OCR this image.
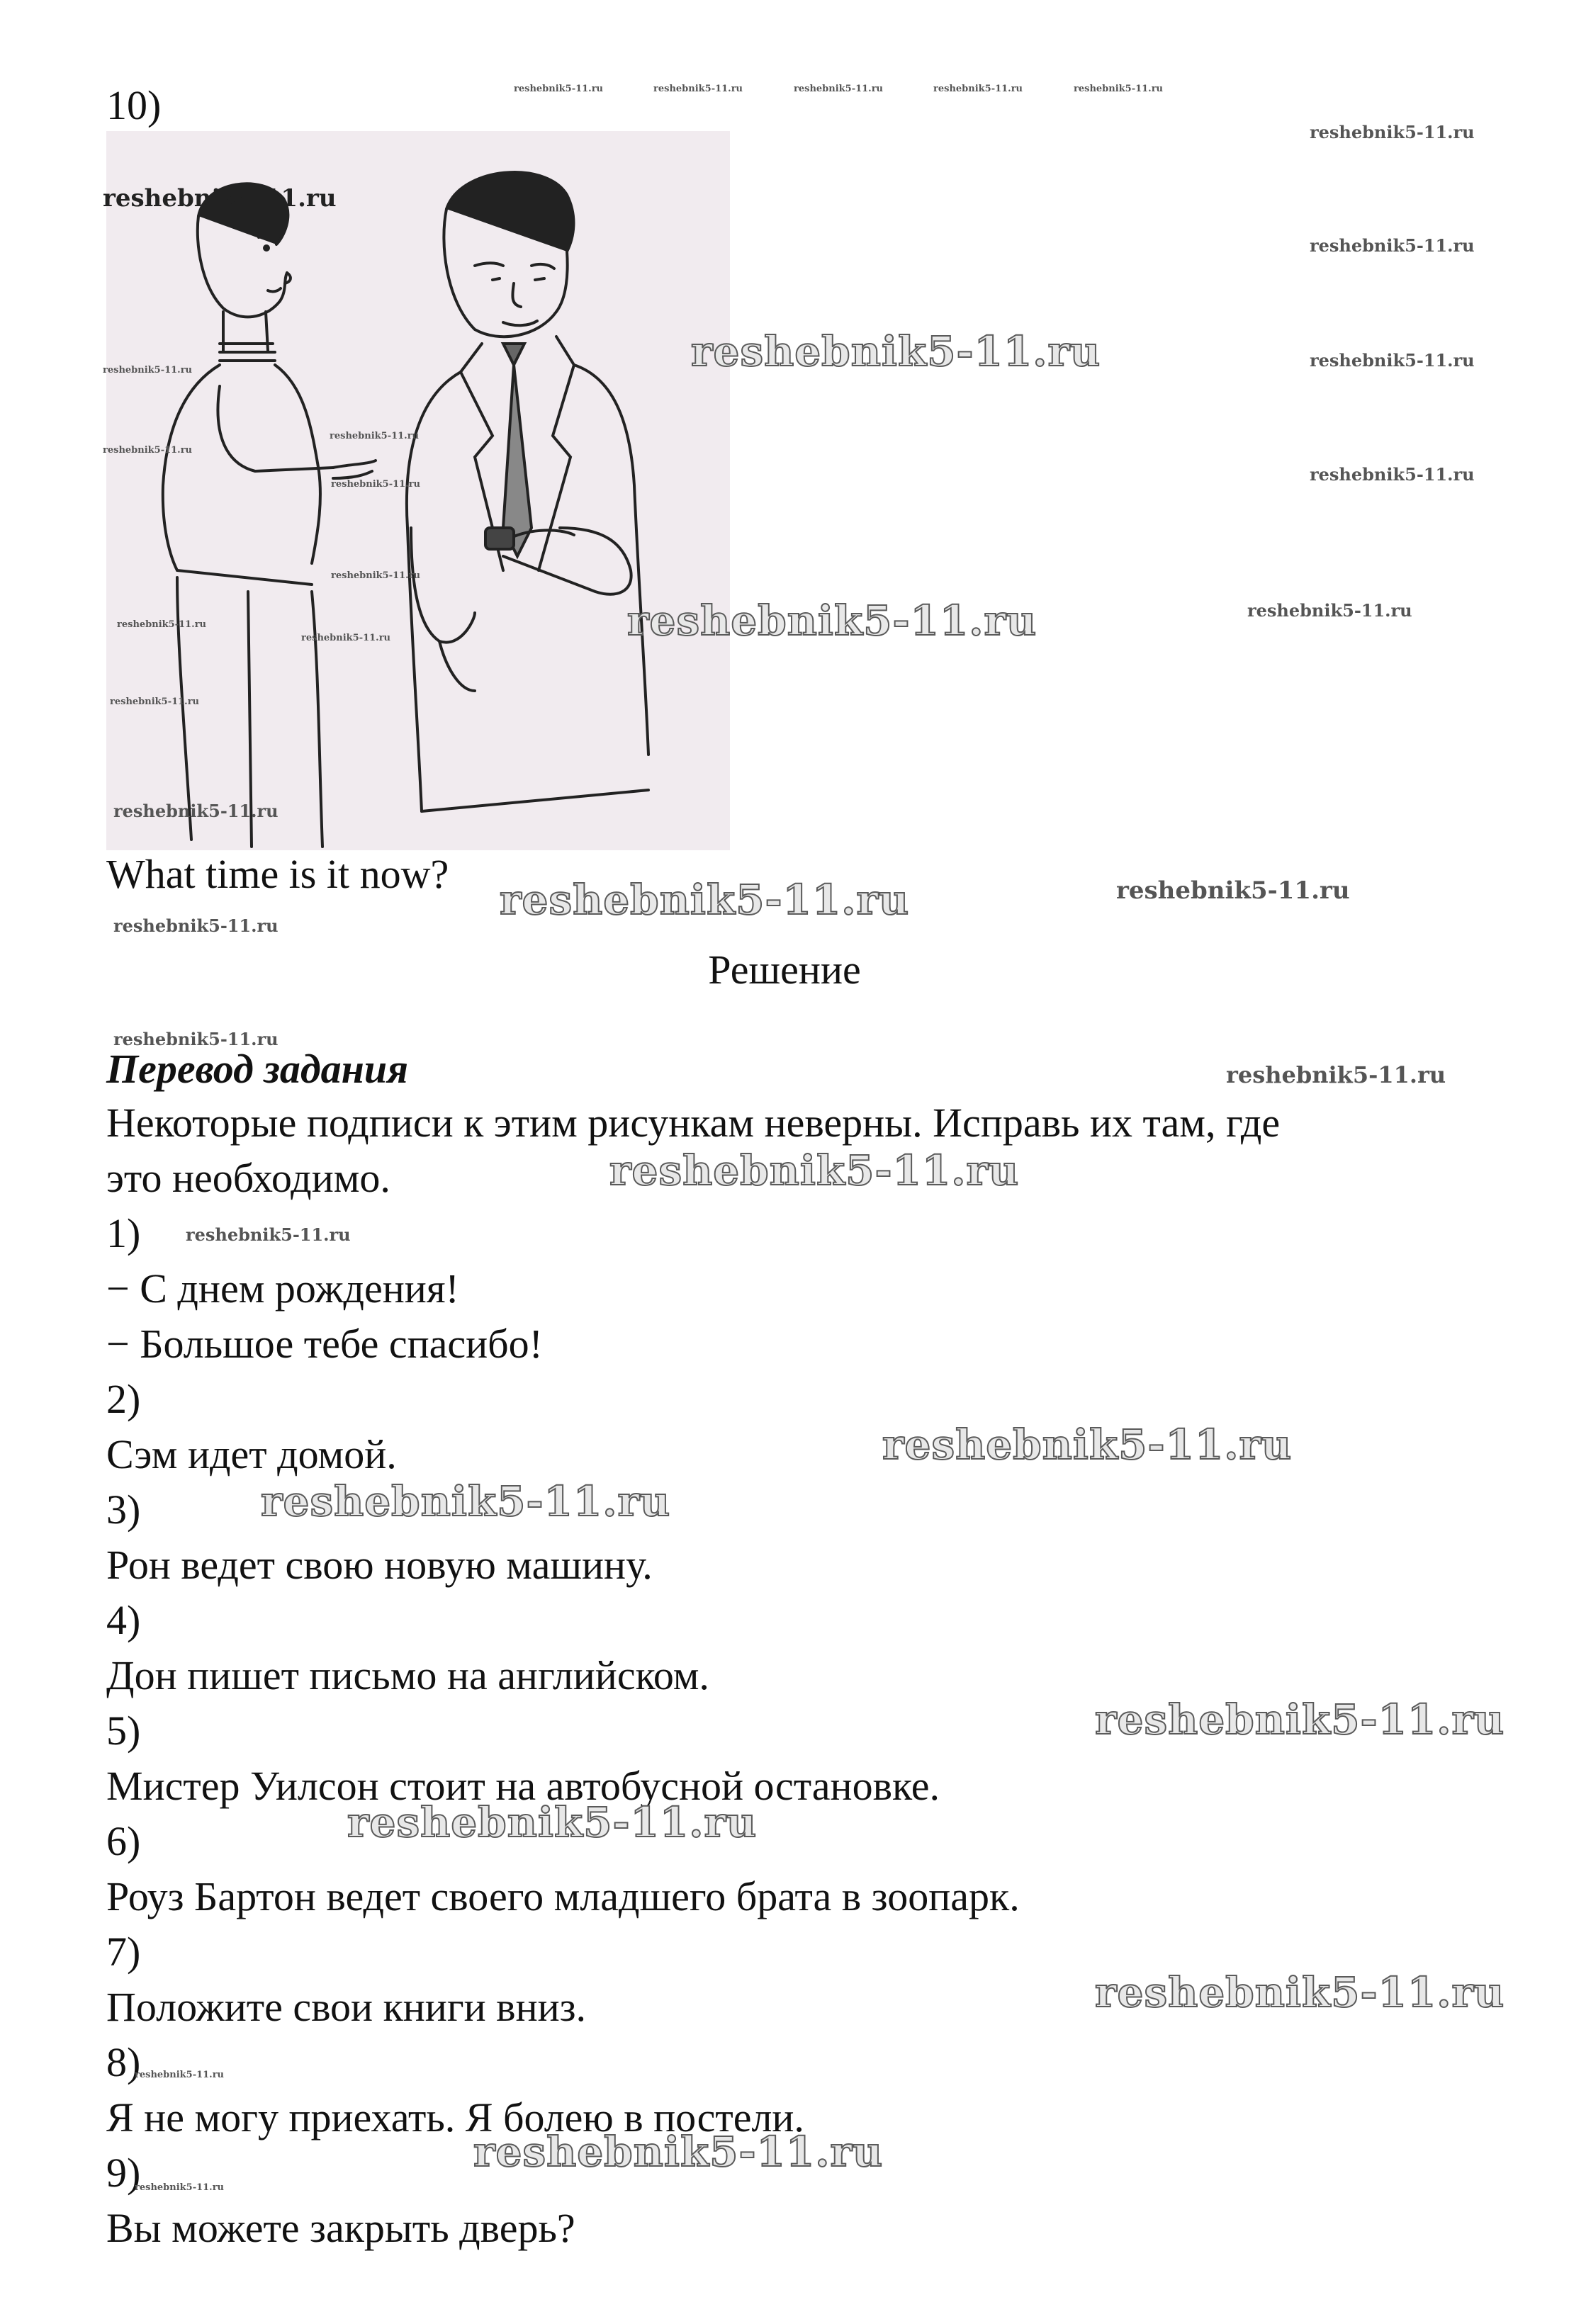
10)
What time is it now?
Решение
Перевод задания
Некоторые подписи к этим рисункам неверны. Исправь их там, где
это необходимо.
1)
− С днем рождения!
− Большое тебе спасибо!
2)
Сэм идет домой.
3)
Рон ведет свою новую машину.
4)
Дон пишет письмо на английском.
5)
Мистер Уилсон стоит на автобусной остановке.
6)
Роуз Бартон ведет своего младшего брата в зоопарк.
7)
Положите свои книги вниз.
8)
Я не могу приехать. Я болею в постели.
9)
Вы можете закрыть дверь?
reshebnik5-11.ru	reshebnik5-11.ru	reshebnik5-11.ru	reshebnik5-11.ru	reshebnik5-11.ru
reshebnik5-11.ru
reshebnik5-11.ru
reshebnik5-11.ru
reshebnik5-11.ru
reshebnik5-11.ru
reshebnik5-11.ru
reshebnik5-11.ru
reshebnik5-11.ru
reshebnik5-11.ru
reshebnik5-11.ru
reshebnik5-11.ru
reshebnik5-11.ru
reshebnik5-11.ru
reshebnik5-11.ru
reshebnik5-11.ru
reshebnik5-11.ru
reshebnik5-11.ru
reshebnik5-11.ru	reshebnik5-11.ru
reshebnik5-11.ru
reshebnik5-11.ru
reshebnik5-11.ru
reshebnik5-11.ru
reshebnik5-11.ru
reshebnik5-11.ru
reshebnik5-11.ru
reshebnik5-11.ru
reshebnik5-11.ru
reshebnik5-11.ru
reshebnik5-11.ru
reshebnik5-11.ru
reshebnik5-11.ru
